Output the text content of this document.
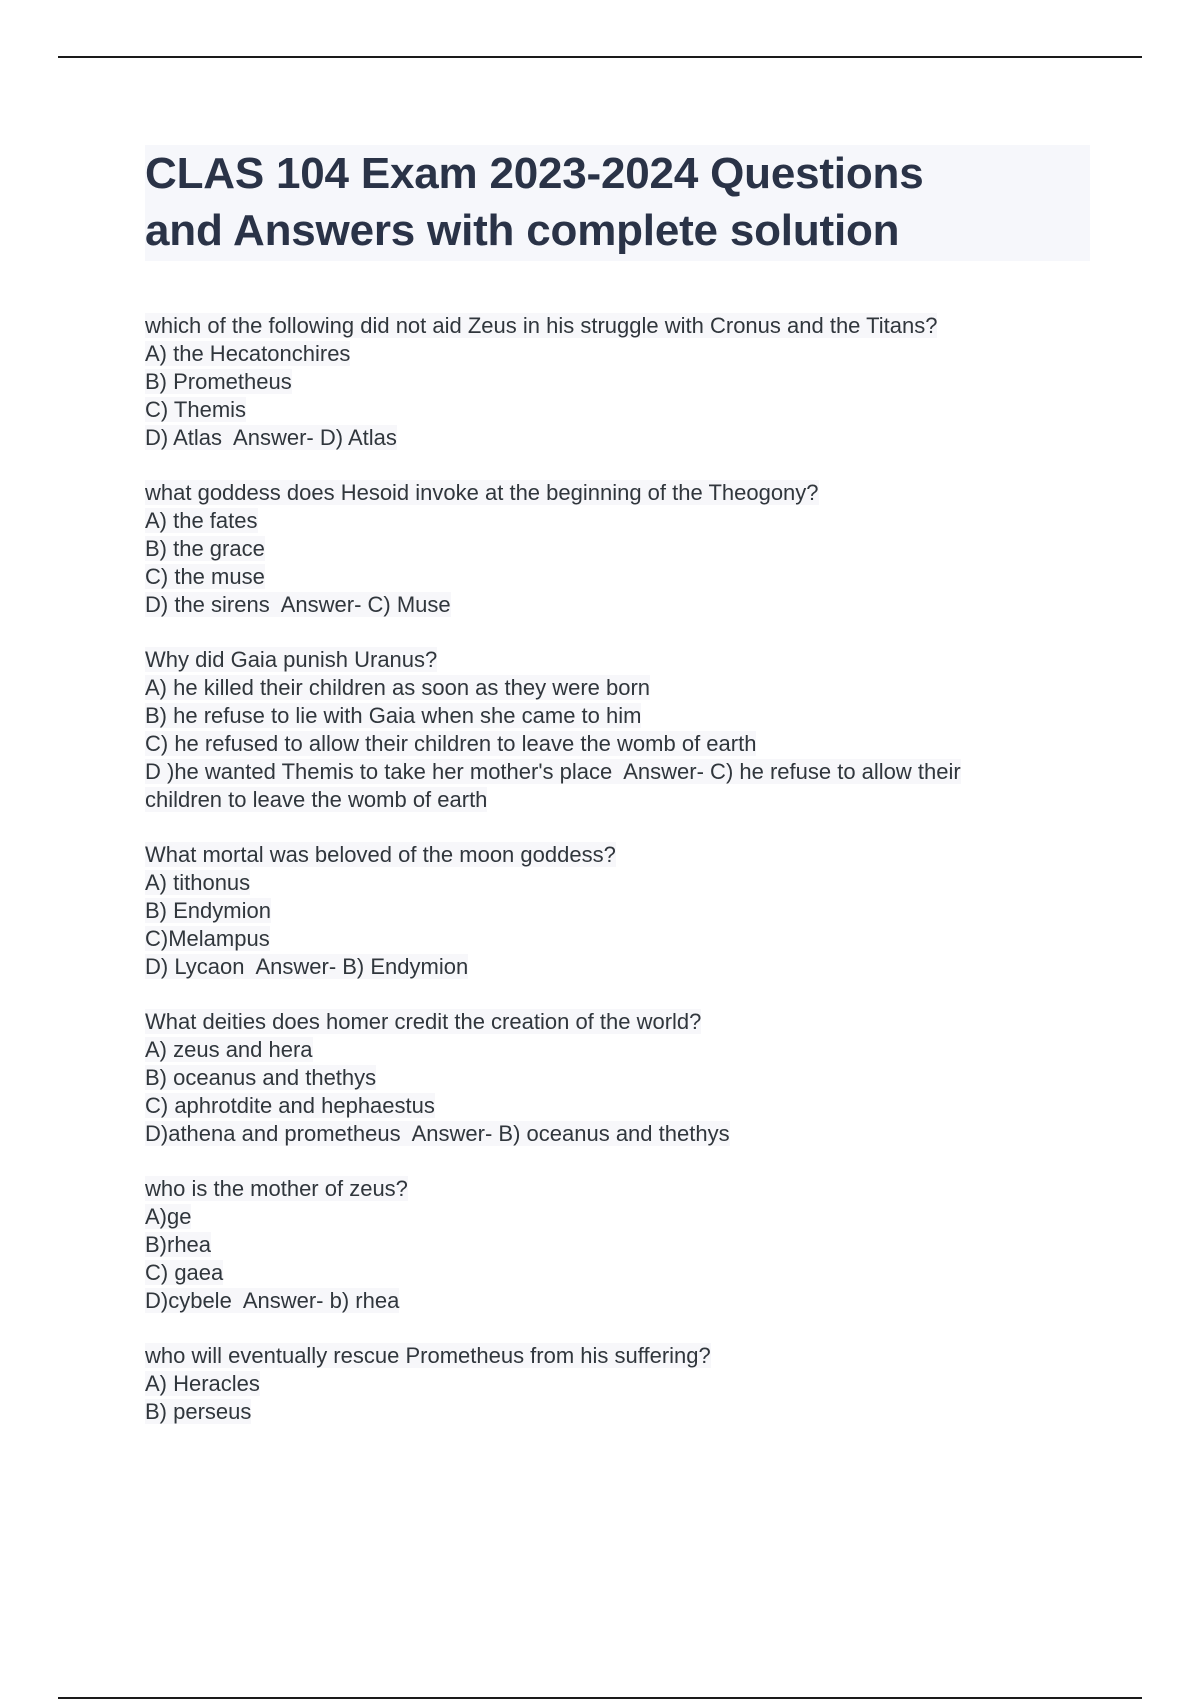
CLAS 104 Exam 2023-2024 Questions
and Answers with complete solution
which of the following did not aid Zeus in his struggle with Cronus and the Titans?
A) the Hecatonchires
B) Prometheus
C) Themis
D) Atlas  Answer- D) Atlas
what goddess does Hesoid invoke at the beginning of the Theogony?
A) the fates
B) the grace
C) the muse
D) the sirens  Answer- C) Muse
Why did Gaia punish Uranus?
A) he killed their children as soon as they were born
B) he refuse to lie with Gaia when she came to him
C) he refused to allow their children to leave the womb of earth
D )he wanted Themis to take her mother's place  Answer- C) he refuse to allow their
children to leave the womb of earth
What mortal was beloved of the moon goddess?
A) tithonus
B) Endymion
C)Melampus
D) Lycaon  Answer- B) Endymion
What deities does homer credit the creation of the world?
A) zeus and hera
B) oceanus and thethys
C) aphrotdite and hephaestus
D)athena and prometheus  Answer- B) oceanus and thethys
who is the mother of zeus?
A)ge
B)rhea
C) gaea
D)cybele  Answer- b) rhea
who will eventually rescue Prometheus from his suffering?
A) Heracles
B) perseus
